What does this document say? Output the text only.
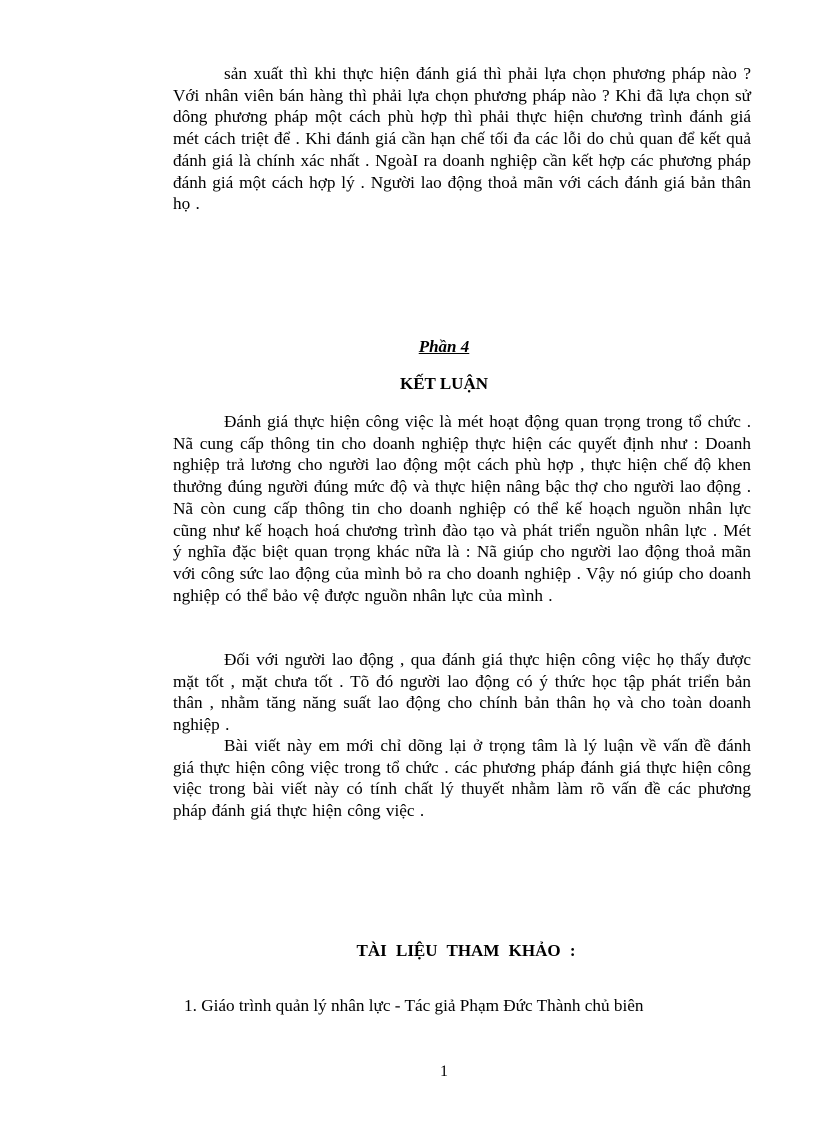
sản xuất thì khi thực hiện đánh giá thì phải lựa chọn phương pháp nào ? Với nhân viên bán hàng thì phải lựa chọn phương pháp nào ? Khi đã lựa chọn sử dông phương pháp một cách phù hợp thì phải thực hiện chương trình đánh giá mét cách triệt để . Khi đánh giá cần hạn chế tối đa các lỗi do chủ quan để kết quả đánh giá là chính xác nhất . NgoàI ra doanh nghiệp cần kết hợp các phương pháp đánh giá một cách hợp lý . Người lao động thoả mãn với cách đánh giá bản thân họ .

Phần 4

KẾT LUẬN

Đánh giá thực hiện công việc là mét hoạt động quan trọng trong tổ chức . Nã cung cấp thông tin cho doanh nghiệp thực hiện các quyết định như : Doanh nghiệp trả lương cho người lao động một cách phù hợp , thực hiện chế độ khen thưởng đúng người đúng mức độ và thực hiện nâng bậc thợ cho người lao động . Nã còn cung cấp thông tin cho doanh nghiệp có thể kế hoạch nguồn nhân lực cũng như kế hoạch hoá chương trình đào tạo và phát triển nguồn nhân lực . Mét ý nghĩa đặc biệt quan trọng khác nữa là : Nã giúp cho người lao động thoả mãn với công sức lao động của mình bỏ ra cho doanh nghiệp . Vậy nó giúp cho doanh nghiệp có thể bảo vệ được nguồn nhân lực của mình .

Đối với người lao động , qua đánh giá thực hiện công việc họ thấy được mặt tốt , mặt chưa tốt . Tõ đó người lao động có ý thức học tập phát triển bản thân , nhằm tăng năng suất lao động cho chính bản thân họ và cho toàn doanh nghiệp .

Bài viết này em mới chỉ dõng lại ở trọng tâm là lý luận về vấn đề đánh giá thực hiện công việc trong tổ chức . các phương pháp đánh giá thực hiện công việc trong bài viết này có tính chất lý thuyết nhằm làm rõ vấn đề các phương pháp đánh giá thực hiện công việc .

TÀI LIỆU THAM KHẢO :

1. Giáo trình quản lý nhân lực - Tác giả Phạm Đức Thành chủ biên

1
